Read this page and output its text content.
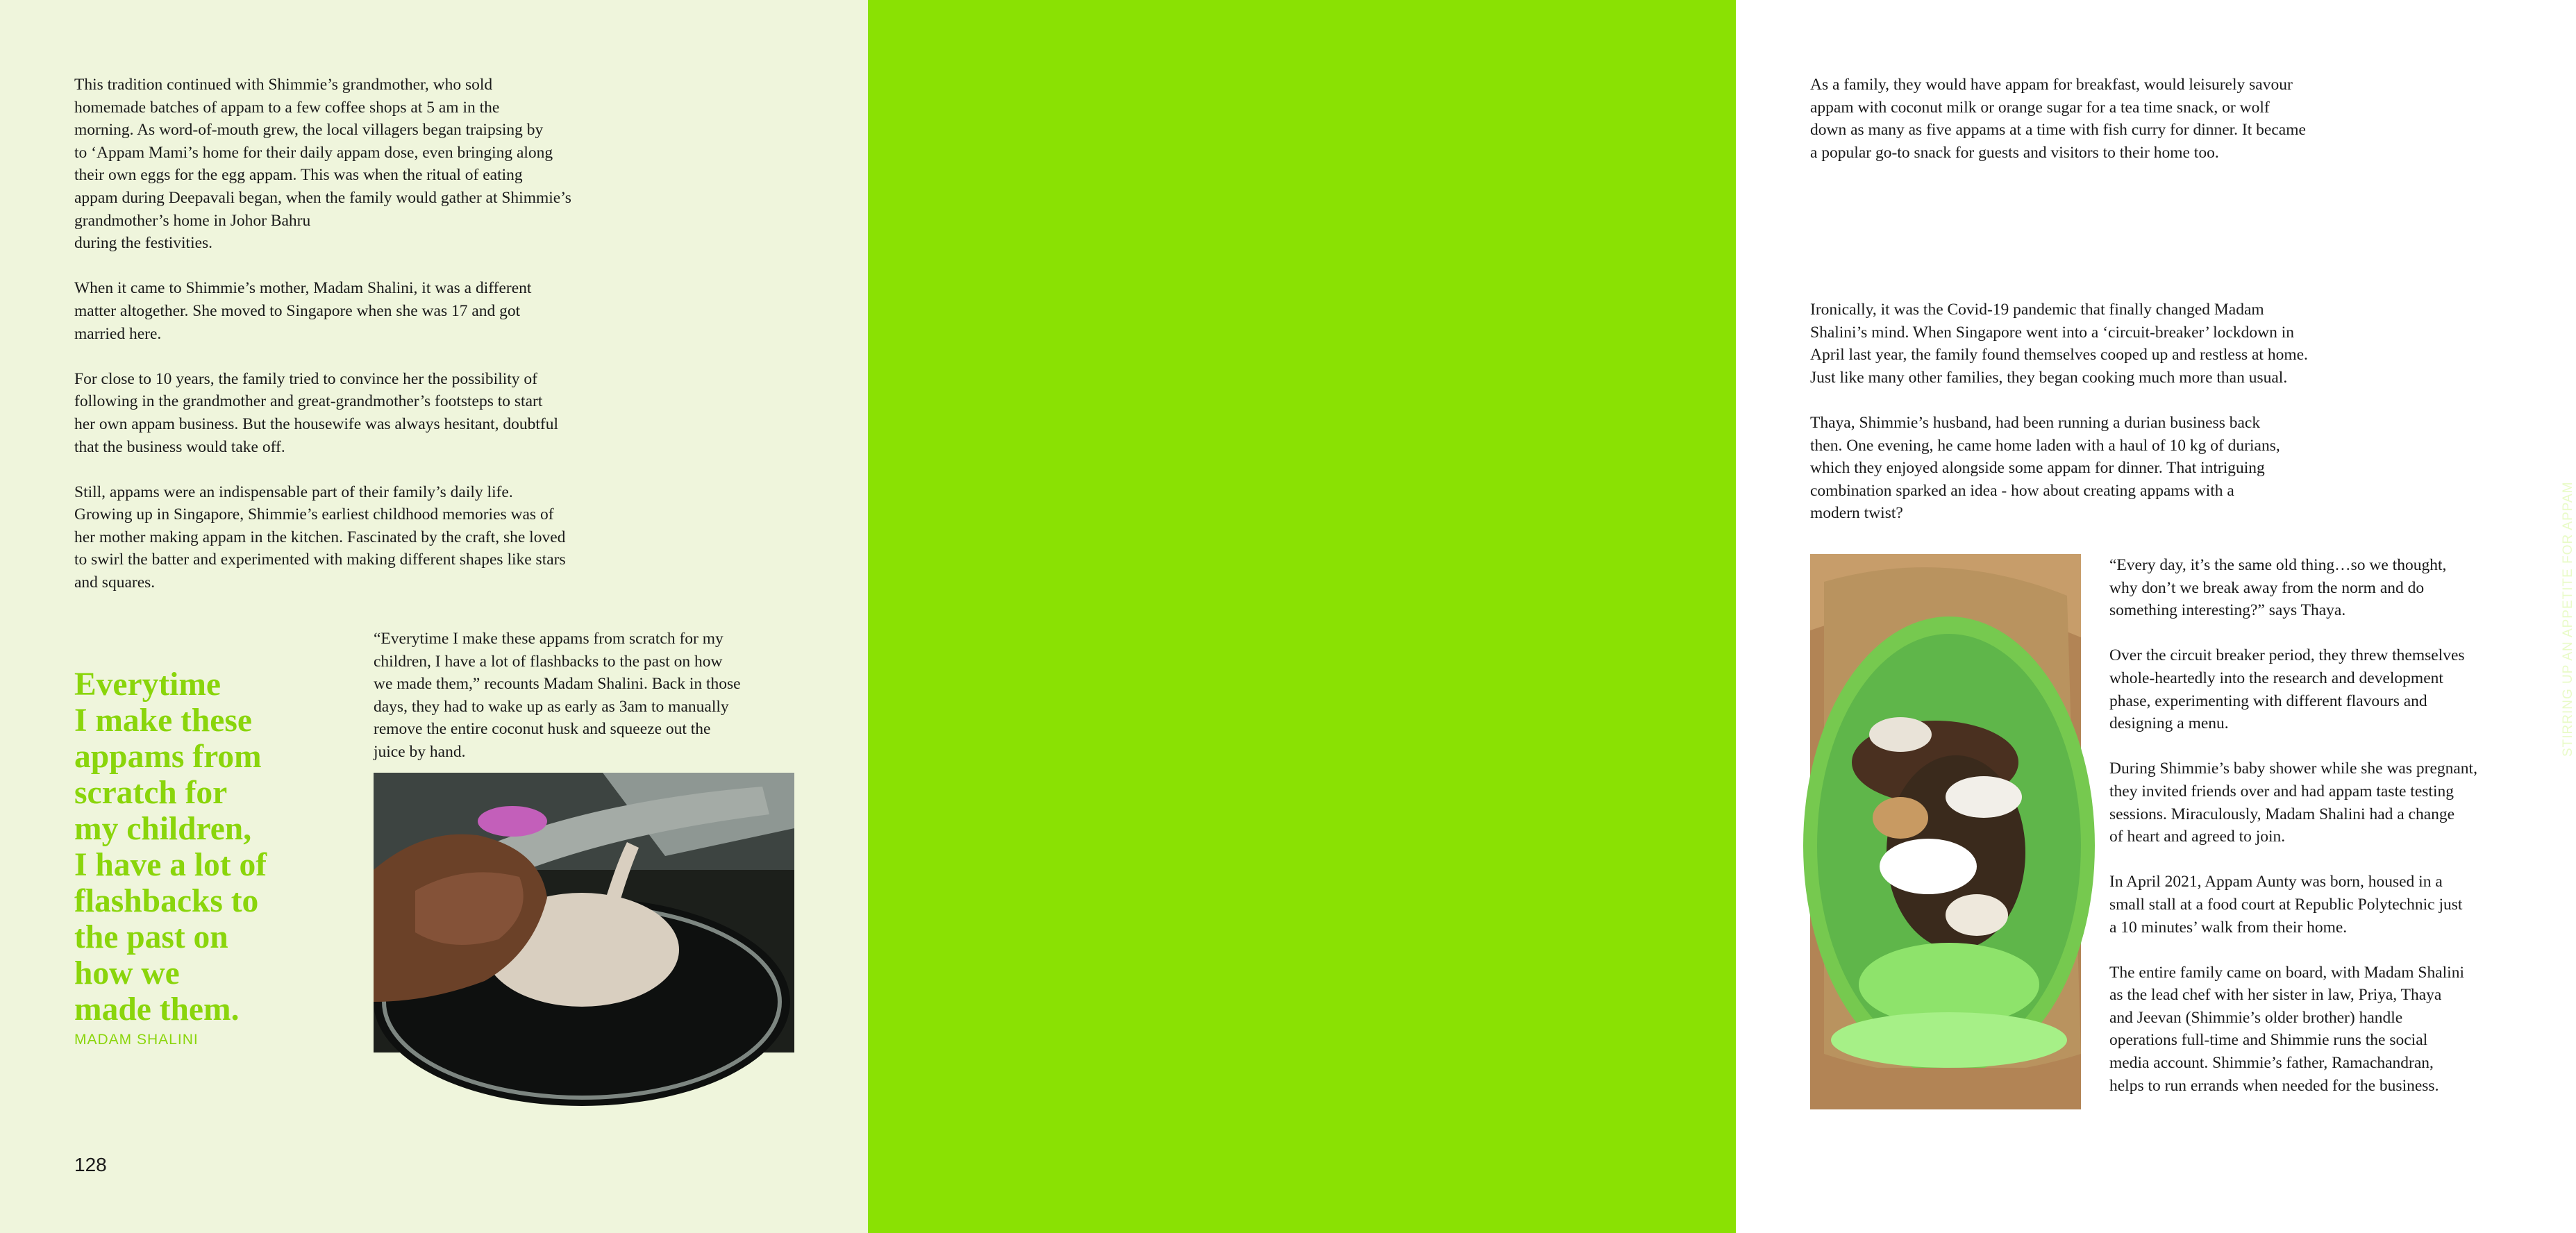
This tradition continued with Shimmie’s grandmother, who sold
homemade batches of appam to a few coffee shops at 5 am in the
morning. As word-of-mouth grew, the local villagers began traipsing by
to ‘Appam Mami’s home for their daily appam dose, even bringing along
their own eggs for the egg appam. This was when the ritual of eating
appam during Deepavali began, when the family would gather at Shimmie’s
grandmother’s home in Johor Bahru
during the festivities.

When it came to Shimmie’s mother, Madam Shalini, it was a different
matter altogether. She moved to Singapore when she was 17 and got
married here.

For close to 10 years, the family tried to convince her the possibility of
following in the grandmother and great-grandmother’s footsteps to start
her own appam business. But the housewife was always hesitant, doubtful
that the business would take off.

Still, appams were an indispensable part of their family’s daily life.
Growing up in Singapore, Shimmie’s earliest childhood memories was of
her mother making appam in the kitchen. Fascinated by the craft, she loved
to swirl the batter and experimented with making different shapes like stars
and squares.

Everytime
I make these
appams from
scratch for
my children,
I have a lot of
flashbacks to
the past on
how we
made them.

MADAM SHALINI

“Everytime I make these appams from scratch for my
children, I have a lot of flashbacks to the past on how
we made them,” recounts Madam Shalini. Back in those
days, they had to wake up as early as 3am to manually
remove the entire coconut husk and squeeze out the
juice by hand.

128

As a family, they would have appam for breakfast, would leisurely savour
appam with coconut milk or orange sugar for a tea time snack, or wolf
down as many as five appams at a time with fish curry for dinner. It became
a popular go-to snack for guests and visitors to their home too.

Pandemic times

Ironically, it was the Covid-19 pandemic that finally changed Madam
Shalini’s mind. When Singapore went into a ‘circuit-breaker’ lockdown in
April last year, the family found themselves cooped up and restless at home.
Just like many other families, they began cooking much more than usual.

Thaya, Shimmie’s husband, had been running a durian business back
then. One evening, he came home laden with a haul of 10 kg of durians,
which they enjoyed alongside some appam for dinner. That intriguing
combination sparked an idea - how about creating appams with a
modern twist?

“Every day, it’s the same old thing…so we thought,
why don’t we break away from the norm and do
something interesting?” says Thaya.

Over the circuit breaker period, they threw themselves
whole-heartedly into the research and development
phase, experimenting with different flavours and
designing a menu.

During Shimmie’s baby shower while she was pregnant,
they invited friends over and had appam taste testing
sessions. Miraculously, Madam Shalini had a change
of heart and agreed to join.

In April 2021, Appam Aunty was born, housed in a
small stall at a food court at Republic Polytechnic just
a 10 minutes’ walk from their home.

The entire family came on board, with Madam Shalini
as the lead chef with her sister in law, Priya, Thaya
and Jeevan (Shimmie’s older brother) handle
operations full-time and Shimmie runs the social
media account. Shimmie’s father, Ramachandran,
helps to run errands when needed for the business.

STIRRING UP AN APPETITE FOR APPAM
